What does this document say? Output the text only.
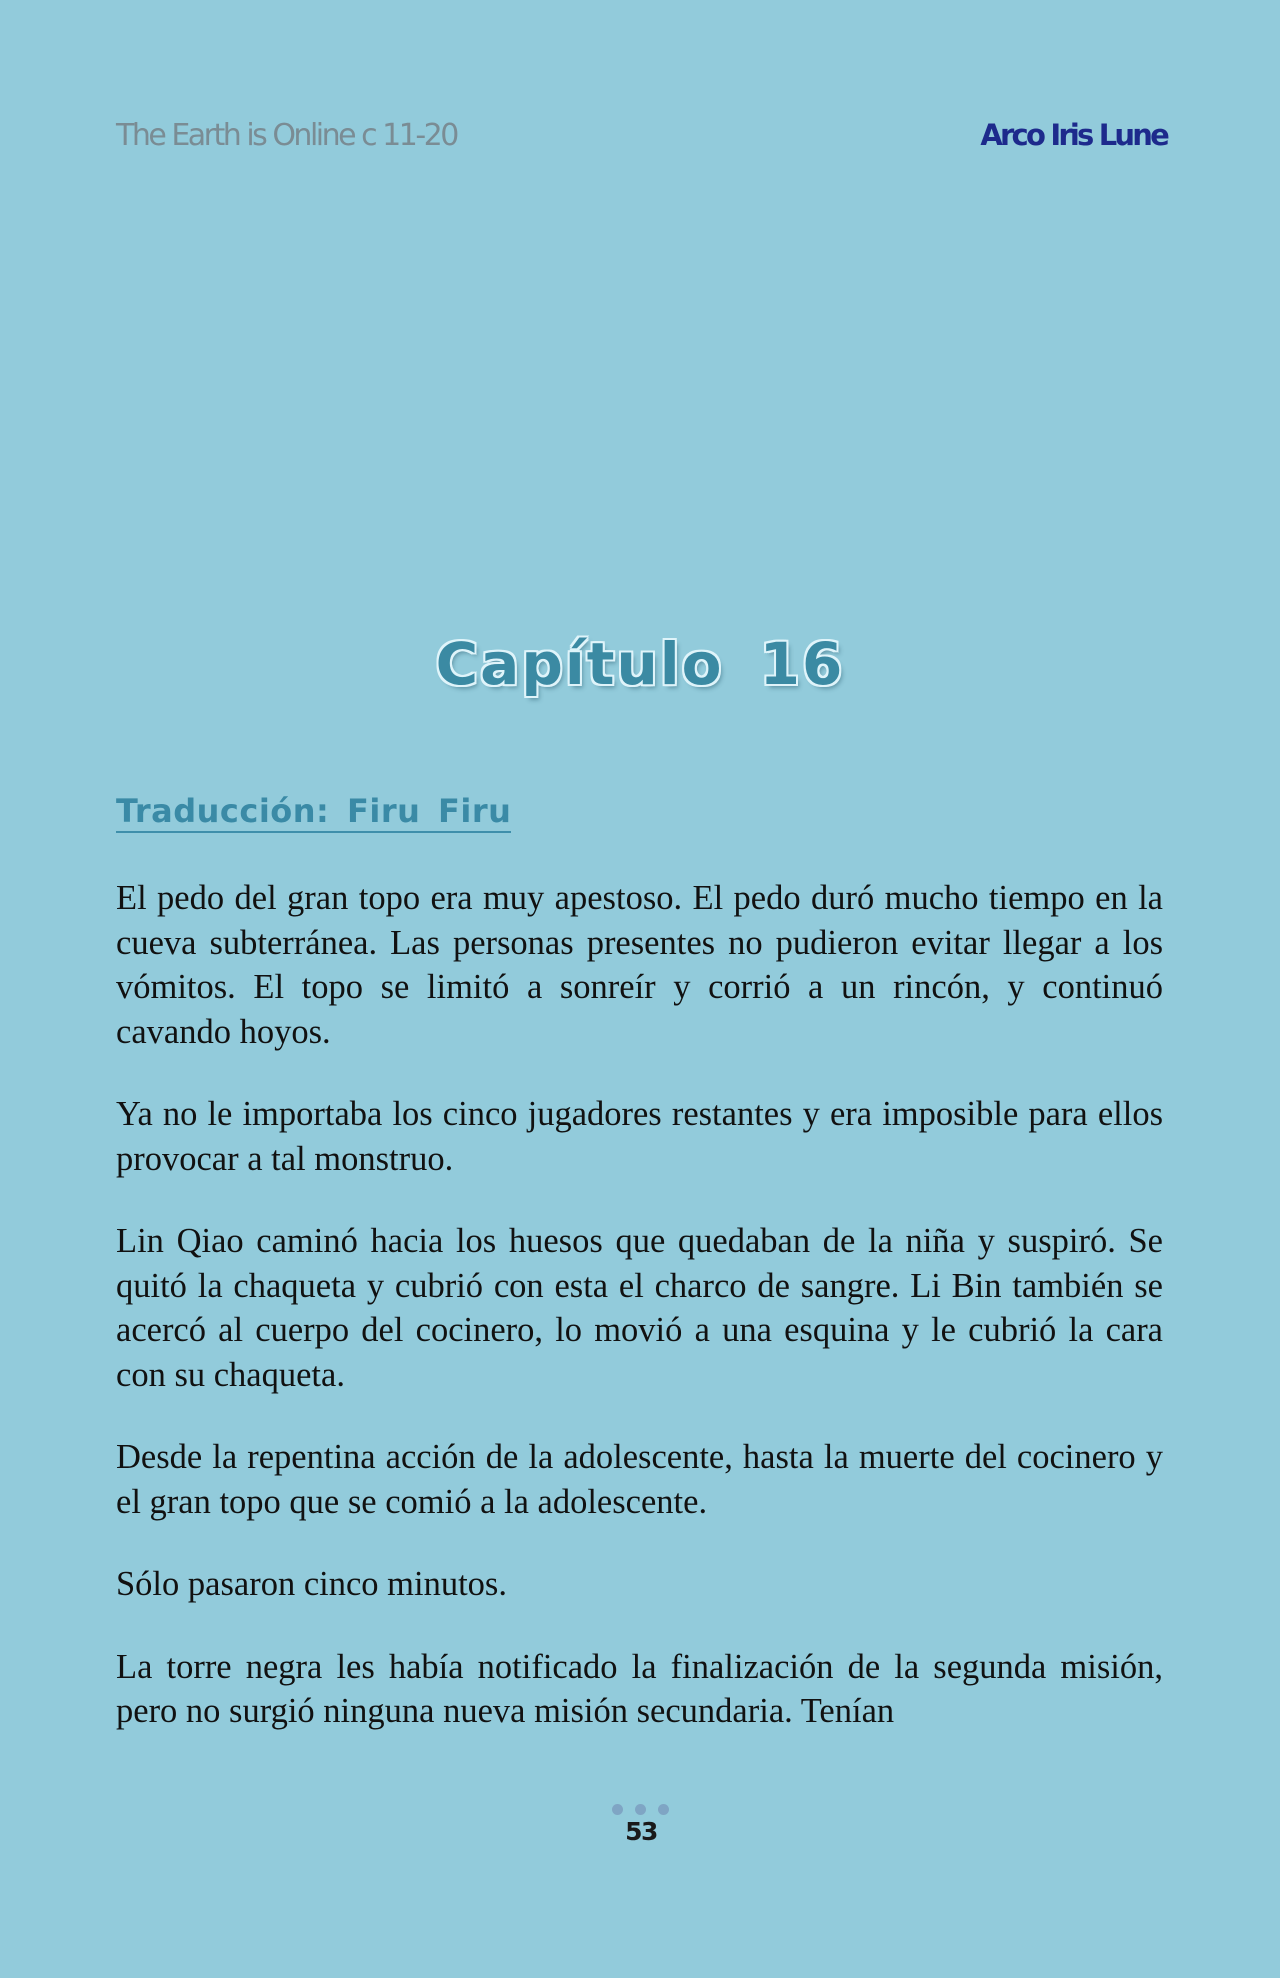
The Earth is Online c 11-20	Arco Iris Lune
Capítulo 16
Traducción: Firu Firu

El pedo del gran topo era muy apestoso. El pedo duró mucho tiempo en la cueva subterránea. Las personas presentes no pudieron evitar llegar a los vómitos. El topo se limitó a sonreír y corrió a un rincón, y continuó cavando hoyos.

Ya no le importaba los cinco jugadores restantes y era imposible para ellos provocar a tal monstruo.

Lin Qiao caminó hacia los huesos que quedaban de la niña y suspiró. Se quitó la chaqueta y cubrió con esta el charco de sangre. Li Bin también se acercó al cuerpo del cocinero, lo movió a una esquina y le cubrió la cara con su chaqueta.

Desde la repentina acción de la adolescente, hasta la muerte del cocinero y el gran topo que se comió a la adolescente.

Sólo pasaron cinco minutos.

La torre negra les había notificado la finalización de la segunda misión, pero no surgió ninguna nueva misión secundaria. Tenían

53
